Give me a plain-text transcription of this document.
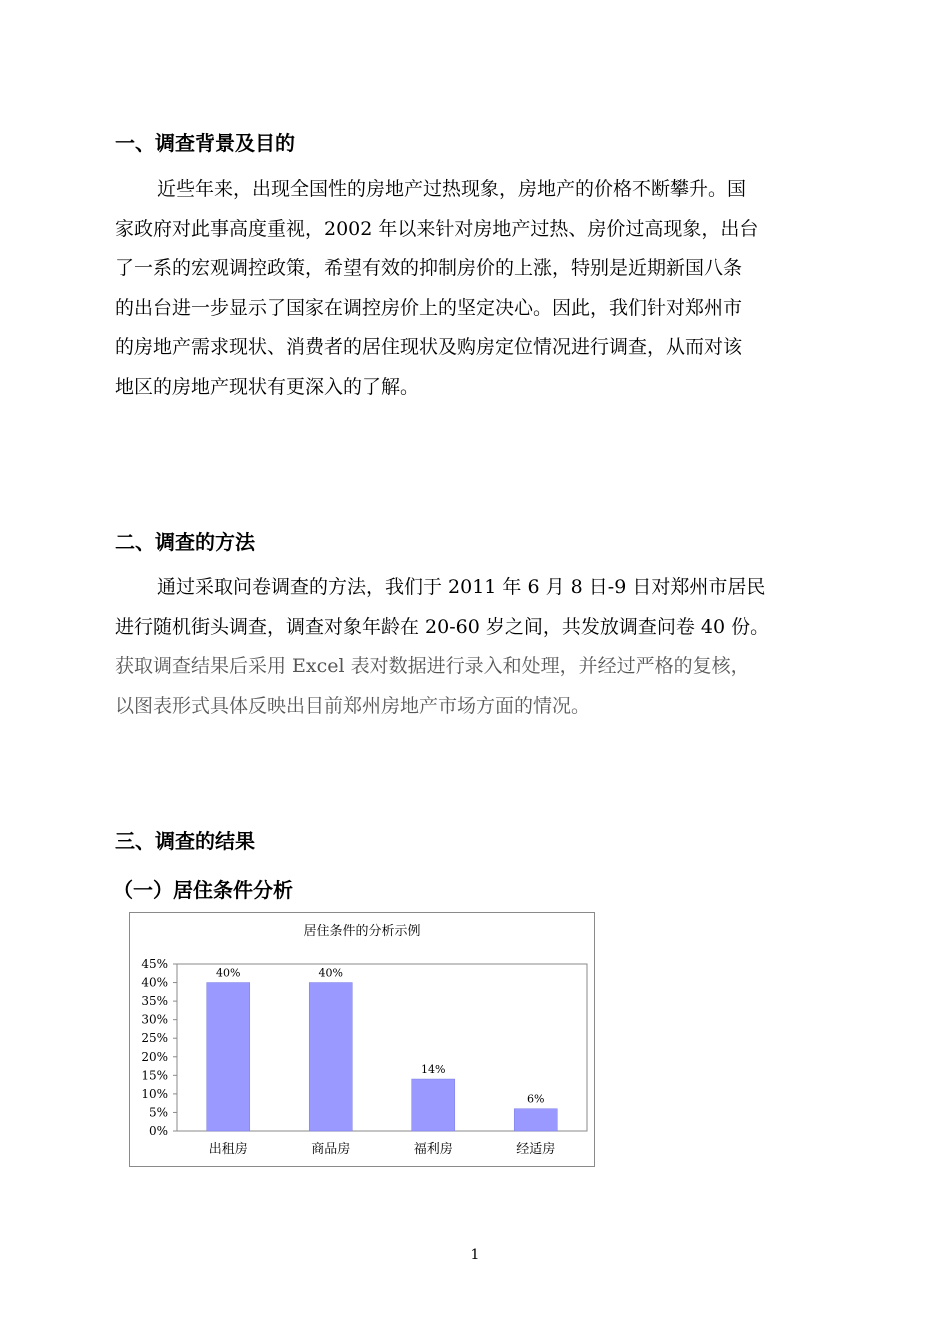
一、调查背景及目的
近些年来，出现全国性的房地产过热现象，房地产的价格不断攀升。国
家政府对此事高度重视，2002 年以来针对房地产过热、房价过高现象，出台
了一系的宏观调控政策，希望有效的抑制房价的上涨，特别是近期新国八条
的出台进一步显示了国家在调控房价上的坚定决心。因此，我们针对郑州市
的房地产需求现状、消费者的居住现状及购房定位情况进行调查，从而对该
地区的房地产现状有更深入的了解。
二、调查的方法
通过采取问卷调查的方法，我们于 2011 年 6 月 8 日-9 日对郑州市居民
进行随机街头调查，调查对象年龄在 20-60 岁之间，共发放调查问卷 40 份。
获取调查结果后采用 Excel 表对数据进行录入和处理，并经过严格的复核，
以图表形式具体反映出目前郑州房地产市场方面的情况。
三、调查的结果
（一）居住条件分析
居住条件的分析示例
0%
5%
10%
15%
20%
25%
30%
35%
40%
45%
40%
出租房
40%
商品房
14%
福利房
6%
经适房
1
